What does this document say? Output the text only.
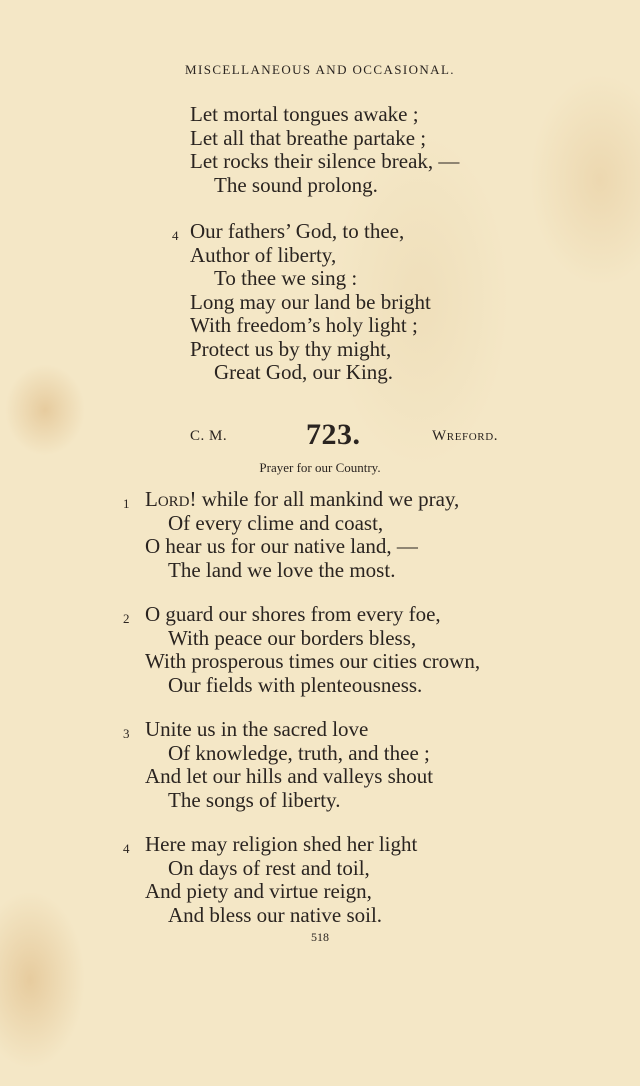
MISCELLANEOUS AND OCCASIONAL.
Let mortal tongues awake ;
Let all that breathe partake ;
Let rocks their silence break, —
The sound prolong.
4 Our fathers’ God, to thee,
Author of liberty,
To thee we sing :
Long may our land be bright
With freedom’s holy light ;
Protect us by thy might,
Great God, our King.
C. M.	723.	Wreford.
Prayer for our Country.
1 Lord! while for all mankind we pray,
Of every clime and coast,
O hear us for our native land, —
The land we love the most.
2 O guard our shores from every foe,
With peace our borders bless,
With prosperous times our cities crown,
Our fields with plenteousness.
3 Unite us in the sacred love
Of knowledge, truth, and thee ;
And let our hills and valleys shout
The songs of liberty.
4 Here may religion shed her light
On days of rest and toil,
And piety and virtue reign,
And bless our native soil.
518
